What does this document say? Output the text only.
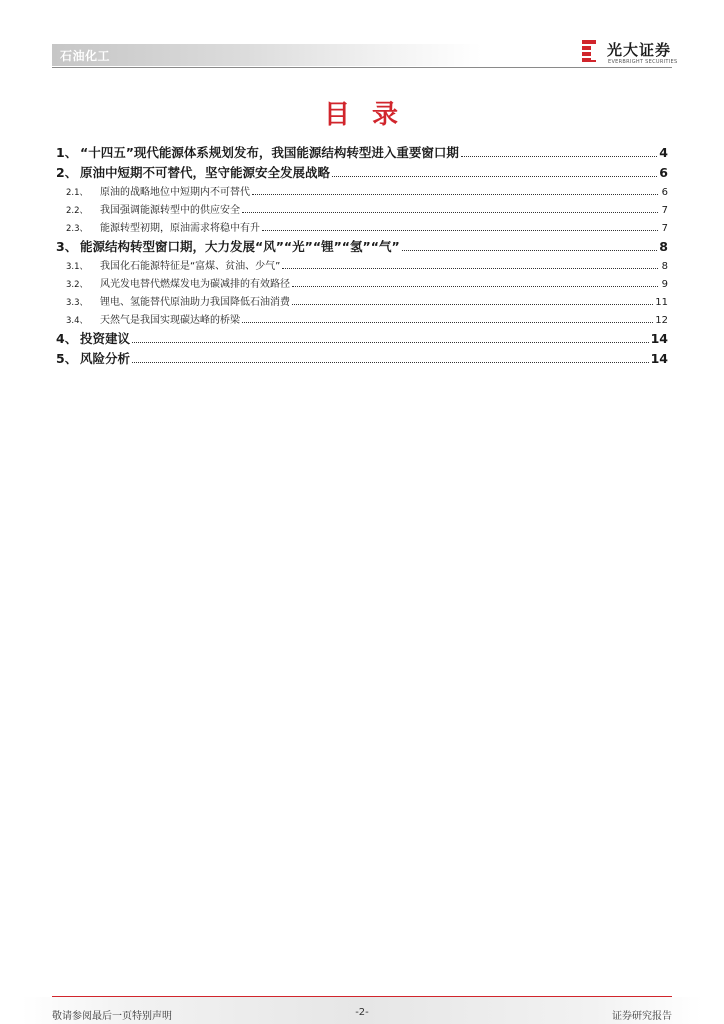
石油化工	光大证券
EVERBRIGHT SECURITIES
目 录
1、 “十四五”现代能源体系规划发布，我国能源结构转型进入重要窗口期	4
2、 原油中短期不可替代，坚守能源安全发展战略	6
2.1、	原油的战略地位中短期内不可替代	6
2.2、	我国强调能源转型中的供应安全	7
2.3、	能源转型初期，原油需求将稳中有升	7
3、 能源结构转型窗口期，大力发展“风”“光”“锂”“氢”“气”	8
3.1、	我国化石能源特征是“富煤、贫油、少气”	8
3.2、	风光发电替代燃煤发电为碳减排的有效路径	9
3.3、	锂电、氢能替代原油助力我国降低石油消费	11
3.4、	天然气是我国实现碳达峰的桥梁	12
4、 投资建议	14
5、 风险分析	14
敬请参阅最后一页特别声明	-2-	证券研究报告
